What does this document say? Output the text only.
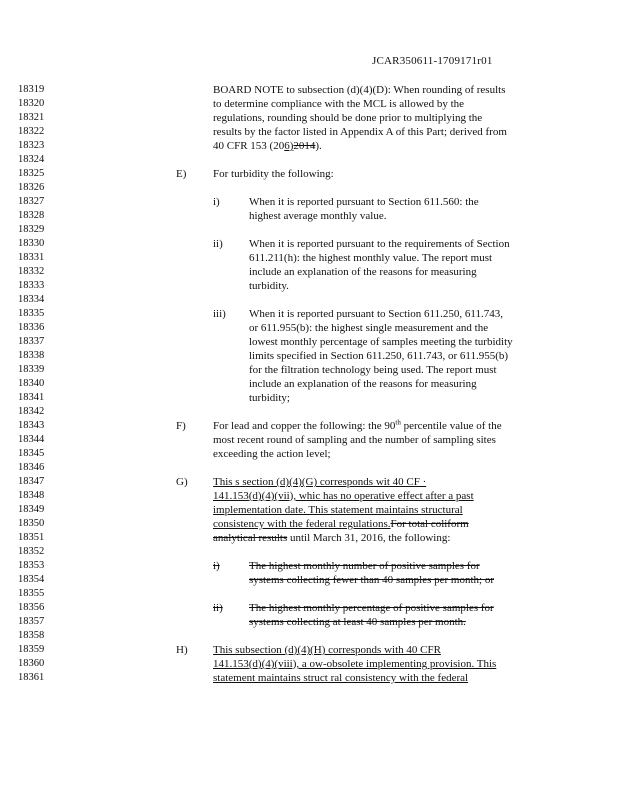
JCAR350611-1709171r01
18319
18320
18321
18322
18323
18324
18325
18326
18327
18328
18329
18330
18331
18332
18333
18334
18335
18336
18337
18338
18339
18340
18341
18342
18343
18344
18345
18346
18347
18348
18349
18350
18351
18352
18353
18354
18355
18356
18357
18358
18359
18360
18361
BOARD NOTE to subsection (d)(4)(D): When rounding of results
to determine compliance with the MCL is allowed by the
regulations, rounding should be done prior to multiplying the
results by the factor listed in Appendix A of this Part; derived from
40 CFR 153 (206)2014).
E) For turbidity the following:
i)	When it is reported pursuant to Section 611.560: the
highest average monthly value.
ii) When it is reported pursuant to the requirements of Section
611.211(h): the highest monthly value. The report must
include an explanation of the reasons for measuring
turbidity.
iii) When it is reported pursuant to Section 611.250, 611.743,
or 611.955(b): the highest single measurement and the
lowest monthly percentage of samples meeting the turbidity
limits specified in Section 611.250, 611.743, or 611.955(b)
for the filtration technology being used. The report must
include an explanation of the reasons for measuring
turbidity;
F) For lead and copper the following: the 90th percentile value of the
most recent round of sampling and the number of sampling sites
exceeding the action level;
G) This s section (d)(4)(G) corresponds wit 40 CF ·
141.153(d)(4)(vii), whic has no operative effect after a past
implementation date. This statement maintains structural
consistency with the federal regulations.For total coliform
analytical results until March 31, 2016, the following:
i)	The highest monthly number of positive samples for
systems collecting fewer than 40 samples per month; or
ii) The highest monthly percentage of positive samples for
systems collecting at least 40 samples per month.
H) This subsection (d)(4)(H) corresponds with 40 CFR
141.153(d)(4)(viii), a ow-obsolete implementing provision. This
statement maintains struct ral consistency with the federal
